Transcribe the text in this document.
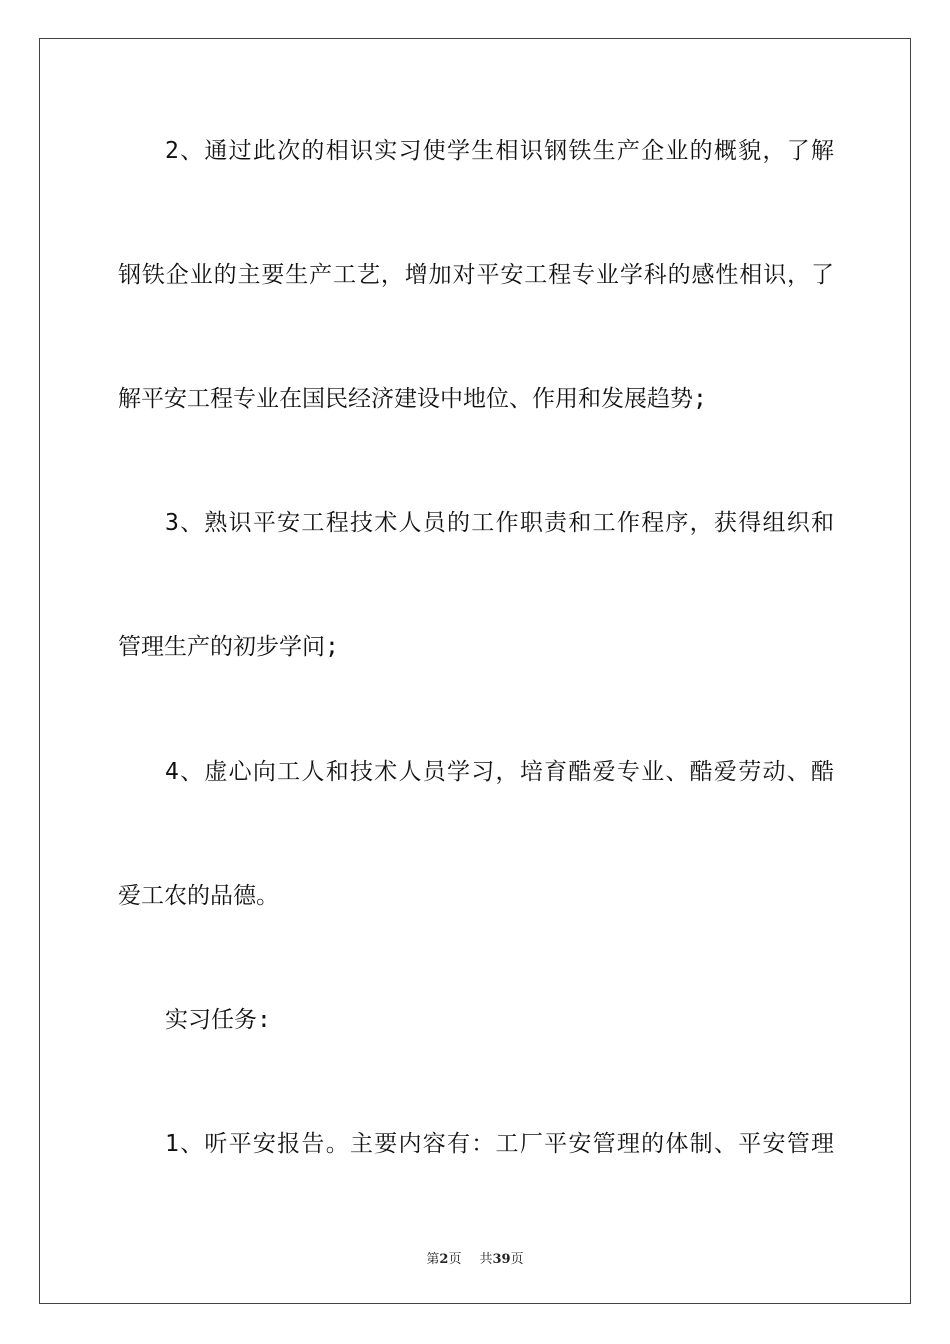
2、通过此次的相识实习使学生相识钢铁生产企业的概貌，了解
钢铁企业的主要生产工艺，增加对平安工程专业学科的感性相识，了
解平安工程专业在国民经济建设中地位、作用和发展趋势;
3、熟识平安工程技术人员的工作职责和工作程序，获得组织和
管理生产的初步学问;
4、虚心向工人和技术人员学习，培育酷爱专业、酷爱劳动、酷
爱工农的品德。
实习任务:
1、听平安报告。主要内容有：工厂平安管理的体制、平安管理
第2页 共39页
